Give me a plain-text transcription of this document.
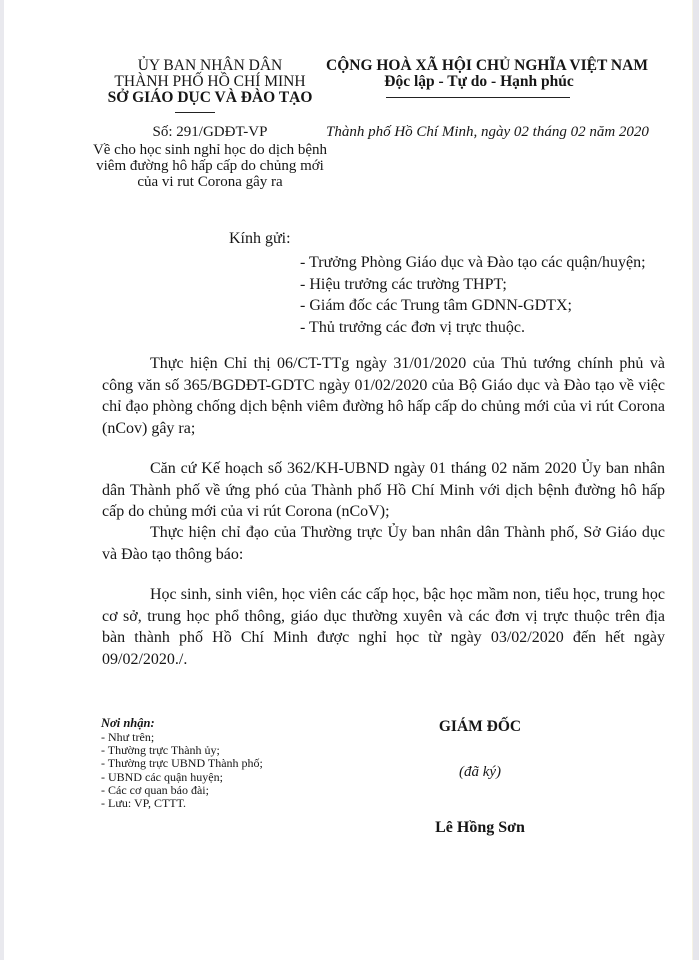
ỦY BAN NHÂN DÂN
THÀNH PHỐ HỒ CHÍ MINH
SỞ GIÁO DỤC VÀ ĐÀO TẠO
Số: 291/GDĐT-VP
Về cho học sinh nghỉ học do dịch bệnh viêm đường hô hấp cấp do chủng mới của vi rut Corona gây ra
CỘNG HOÀ XÃ HỘI CHỦ NGHĨA VIỆT NAM
Độc lập - Tự do - Hạnh phúc
Thành phố Hồ Chí Minh, ngày 02 tháng 02 năm 2020
Kính gửi:
- Trưởng Phòng Giáo dục và Đào tạo các quận/huyện;
- Hiệu trưởng các trường THPT;
- Giám đốc các Trung tâm GDNN-GDTX;
- Thủ trưởng các đơn vị trực thuộc.

Thực hiện Chỉ thị 06/CT-TTg ngày 31/01/2020 của Thủ tướng chính phủ và công văn số 365/BGDĐT-GDTC ngày 01/02/2020 của Bộ Giáo dục và Đào tạo về việc chỉ đạo phòng chống dịch bệnh viêm đường hô hấp cấp do chủng mới của vi rút Corona (nCov) gây ra;

Căn cứ Kế hoạch số 362/KH-UBND ngày 01 tháng 02 năm 2020 Ủy ban nhân dân Thành phố về ứng phó của Thành phố Hồ Chí Minh với dịch bệnh đường hô hấp cấp do chủng mới của vi rút Corona (nCoV);

Thực hiện chỉ đạo của Thường trực Ủy ban nhân dân Thành phố, Sở Giáo dục và Đào tạo thông báo:

Học sinh, sinh viên, học viên các cấp học, bậc học mầm non, tiểu học, trung học cơ sở, trung học phổ thông, giáo dục thường xuyên và các đơn vị trực thuộc trên địa bàn thành phố Hồ Chí Minh được nghỉ học từ ngày 03/02/2020 đến hết ngày 09/02/2020./.

Nơi nhận:
- Như trên;
- Thường trực Thành ủy;
- Thường trực UBND Thành phố;
- UBND các quận huyện;
- Các cơ quan báo đài;
- Lưu: VP, CTTT.
GIÁM ĐỐC
(đã ký)
Lê Hồng Sơn
